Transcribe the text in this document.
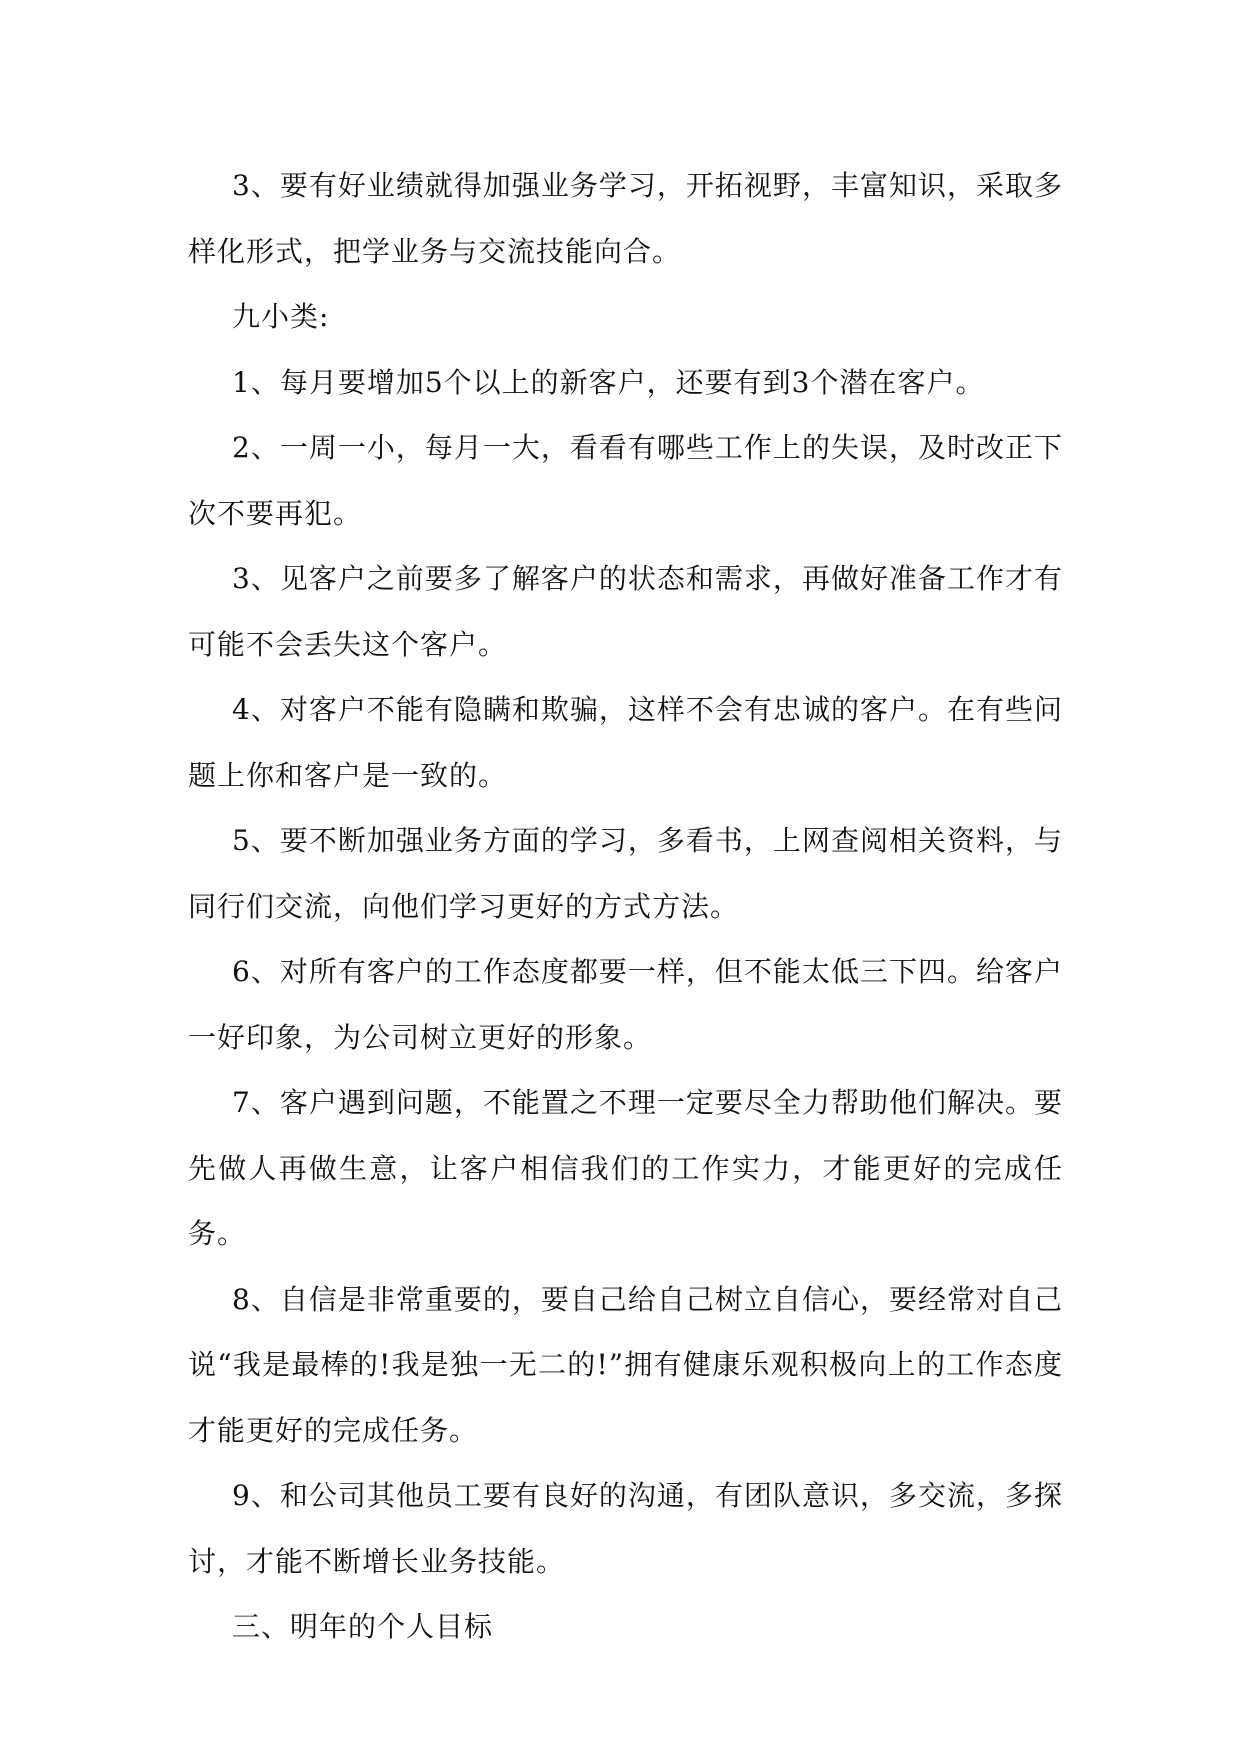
3、要有好业绩就得加强业务学习，开拓视野，丰富知识，采取多样化形式，把学业务与交流技能向合。

九小类:

1、每月要增加5个以上的新客户，还要有到3个潜在客户。

2、一周一小，每月一大，看看有哪些工作上的失误，及时改正下次不要再犯。

3、见客户之前要多了解客户的状态和需求，再做好准备工作才有可能不会丢失这个客户。

4、对客户不能有隐瞒和欺骗，这样不会有忠诚的客户。在有些问题上你和客户是一致的。

5、要不断加强业务方面的学习，多看书，上网查阅相关资料，与同行们交流，向他们学习更好的方式方法。

6、对所有客户的工作态度都要一样，但不能太低三下四。给客户一好印象，为公司树立更好的形象。

7、客户遇到问题，不能置之不理一定要尽全力帮助他们解决。要先做人再做生意，让客户相信我们的工作实力，才能更好的完成任务。

8、自信是非常重要的，要自己给自己树立自信心，要经常对自己说“我是最棒的!我是独一无二的!”拥有健康乐观积极向上的工作态度才能更好的完成任务。

9、和公司其他员工要有良好的沟通，有团队意识，多交流，多探讨，才能不断增长业务技能。

三、明年的个人目标
